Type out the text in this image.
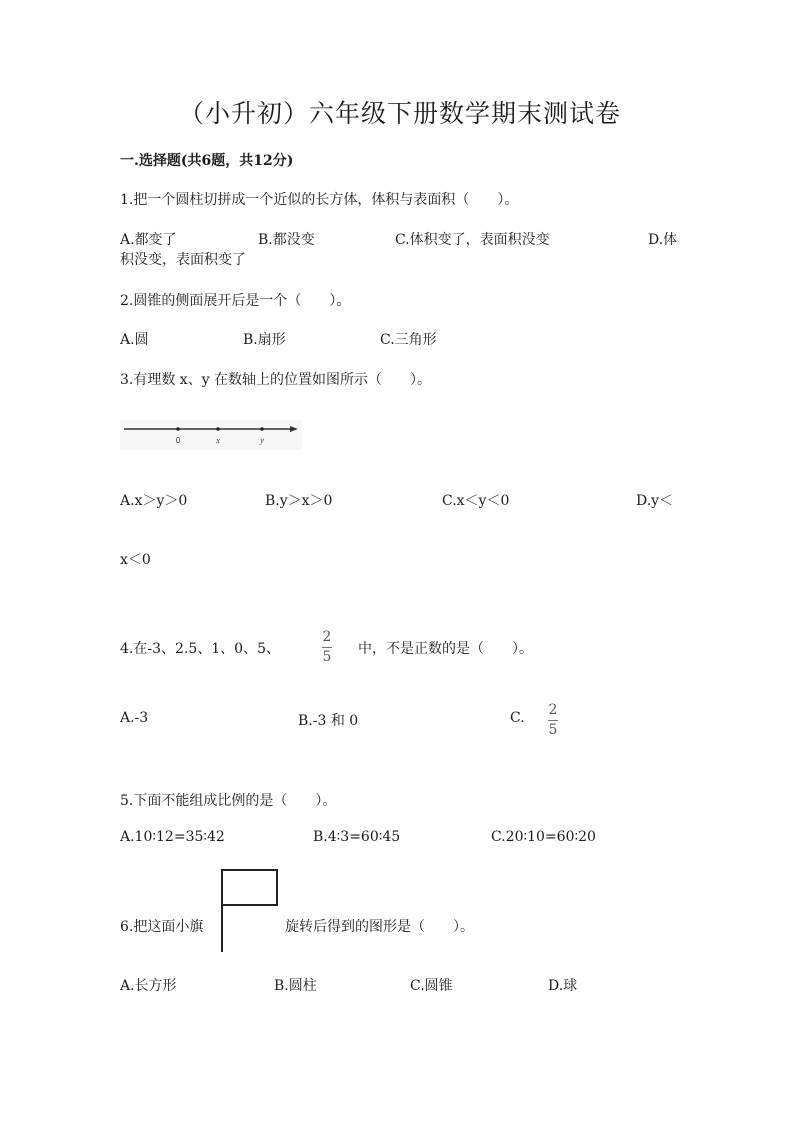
（小升初）六年级下册数学期末测试卷
一.选择题(共6题，共12分)
1.把一个圆柱切拼成一个近似的长方体，体积与表面积（　　）。
A.都变了	B.都没变	C.体积变了，表面积没变	D.体
积没变，表面积变了
2.圆锥的侧面展开后是一个（　　）。
A.圆	B.扇形	C.三角形
3.有理数 x、y 在数轴上的位置如图所示（　　）。
0	x	y
A.x＞y＞0	B.y＞x＞0	C.x＜y＜0	D.y＜
x＜0
4.在-3、2.5、1、0、5、
2
5 中，不是正数的是（　　）。
A.-3	B.-3 和 0	C. 2
5
5.下面不能组成比例的是（　　）。
A.10∶12=35∶42	B.4∶3=60∶45	C.20∶10=60∶20
6.把这面小旗	旋转后得到的图形是（　　）。
A.长方形	B.圆柱	C.圆锥	D.球
